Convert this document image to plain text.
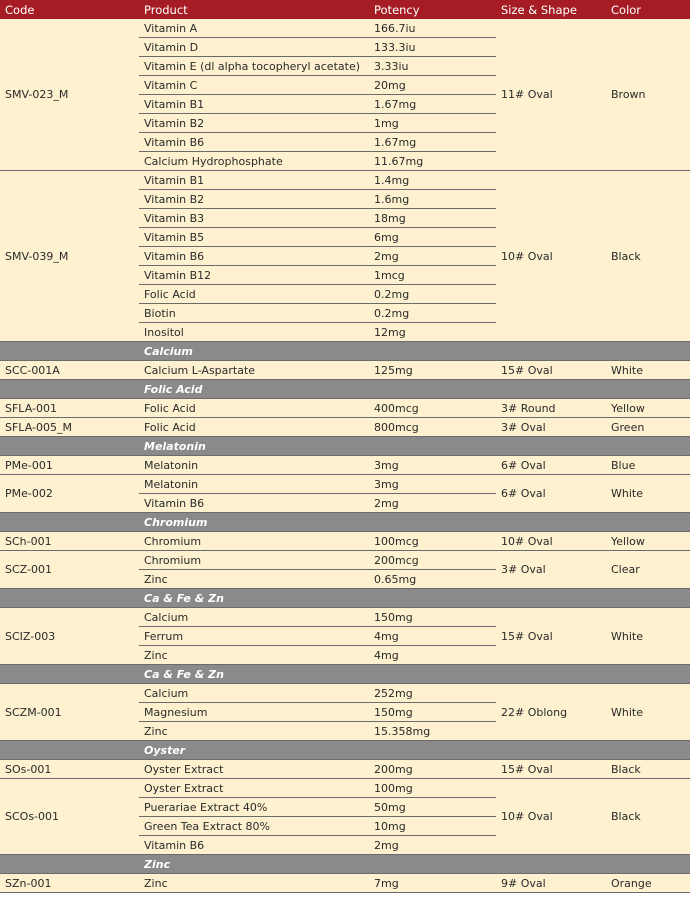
Code	Product	Potency	Size & Shape	Color
SMV-023_M	Vitamin A	166.7iu	11# Oval	Brown
	Vitamin D	133.3iu		
	Vitamin E (dl alpha tocopheryl acetate)	3.33iu		
	Vitamin C	20mg		
	Vitamin B1	1.67mg		
	Vitamin B2	1mg		
	Vitamin B6	1.67mg		
	Calcium Hydrophosphate	11.67mg		
SMV-039_M	Vitamin B1	1.4mg	10# Oval	Black
	Vitamin B2	1.6mg		
	Vitamin B3	18mg		
	Vitamin B5	6mg		
	Vitamin B6	2mg		
	Vitamin B12	1mcg		
	Folic Acid	0.2mg		
	Biotin	0.2mg		
	Inositol	12mg		
	Calcium			
SCC-001A	Calcium L-Aspartate	125mg	15# Oval	White
	Folic Acid			
SFLA-001	Folic Acid	400mcg	3# Round	Yellow
SFLA-005_M	Folic Acid	800mcg	3# Oval	Green
	Melatonin			
PMe-001	Melatonin	3mg	6# Oval	Blue
PMe-002	Melatonin	3mg	6# Oval	White
	Vitamin B6	2mg		
	Chromium			
SCh-001	Chromium	100mcg	10# Oval	Yellow
SCZ-001	Chromium	200mcg	3# Oval	Clear
	Zinc	0.65mg		
	Ca & Fe & Zn			
SCIZ-003	Calcium	150mg	15# Oval	White
	Ferrum	4mg		
	Zinc	4mg		
	Ca & Fe & Zn			
SCZM-001	Calcium	252mg	22# Oblong	White
	Magnesium	150mg		
	Zinc	15.358mg		
	Oyster			
SOs-001	Oyster Extract	200mg	15# Oval	Black
SCOs-001	Oyster Extract	100mg	10# Oval	Black
	Puerariae Extract 40%	50mg		
	Green Tea Extract 80%	10mg		
	Vitamin B6	2mg		
	Zinc			
SZn-001	Zinc	7mg	9# Oval	Orange
